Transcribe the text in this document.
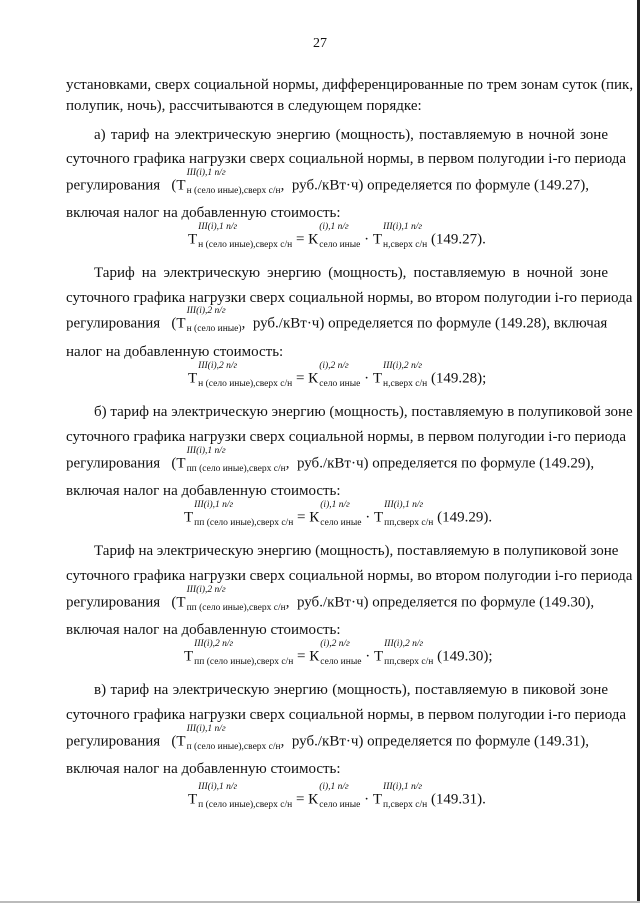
27
установками, сверх социальной нормы, дифференцированные по трем зонам суток (пик,
полупик, ночь), рассчитываются в следующем порядке:
а) тариф на электрическую энергию (мощность), поставляемую в ночной зоне
суточного графика нагрузки сверх социальной нормы, в первом полугодии i-го периода
регулирования (Т
III(i),1 п/г
н (село иные),сверх с/н , руб./кВт·ч) определяется по формуле (149.27),
включая налог на добавленную стоимость:
Т
III(i),1 п/г
н (село иные),сверх с/н = К
(i),1 п/г
село иные · Т
III(i),1 п/г
н,сверх с/н (149.27).
Тариф на электрическую энергию (мощность), поставляемую в ночной зоне
суточного графика нагрузки сверх социальной нормы, во втором полугодии i-го периода
регулирования (Т
III(i),2 п/г
н (село иные) , руб./кВт·ч) определяется по формуле (149.28), включая
налог на добавленную стоимость:
Т
III(i),2 п/г
н (село иные),сверх с/н = К
(i),2 п/г
село иные · Т
III(i),2 п/г
н,сверх с/н (149.28);
б) тариф на электрическую энергию (мощность), поставляемую в полупиковой зоне
суточного графика нагрузки сверх социальной нормы, в первом полугодии i-го периода
регулирования (Т
III(i),1 п/г
пп (село иные),сверх с/н , руб./кВт·ч) определяется по формуле (149.29),
включая налог на добавленную стоимость:
Т
III(i),1 п/г
пп (село иные),сверх с/н = К
(i),1 п/г
село иные · Т
III(i),1 п/г
пп,сверх с/н (149.29).
Тариф на электрическую энергию (мощность), поставляемую в полупиковой зоне
суточного графика нагрузки сверх социальной нормы, во втором полугодии i-го периода
регулирования (Т
III(i),2 п/г
пп (село иные),сверх с/н , руб./кВт·ч) определяется по формуле (149.30),
включая налог на добавленную стоимость:
Т
III(i),2 п/г
пп (село иные),сверх с/н = К
(i),2 п/г
село иные · Т
III(i),2 п/г
пп,сверх с/н (149.30);
в) тариф на электрическую энергию (мощность), поставляемую в пиковой зоне
суточного графика нагрузки сверх социальной нормы, в первом полугодии i-го периода
регулирования (Т
III(i),1 п/г
п (село иные),сверх с/н , руб./кВт·ч) определяется по формуле (149.31),
включая налог на добавленную стоимость:
Т
III(i),1 п/г
п (село иные),сверх с/н = К
(i),1 п/г
село иные · Т
III(i),1 п/г
п,сверх с/н (149.31).
